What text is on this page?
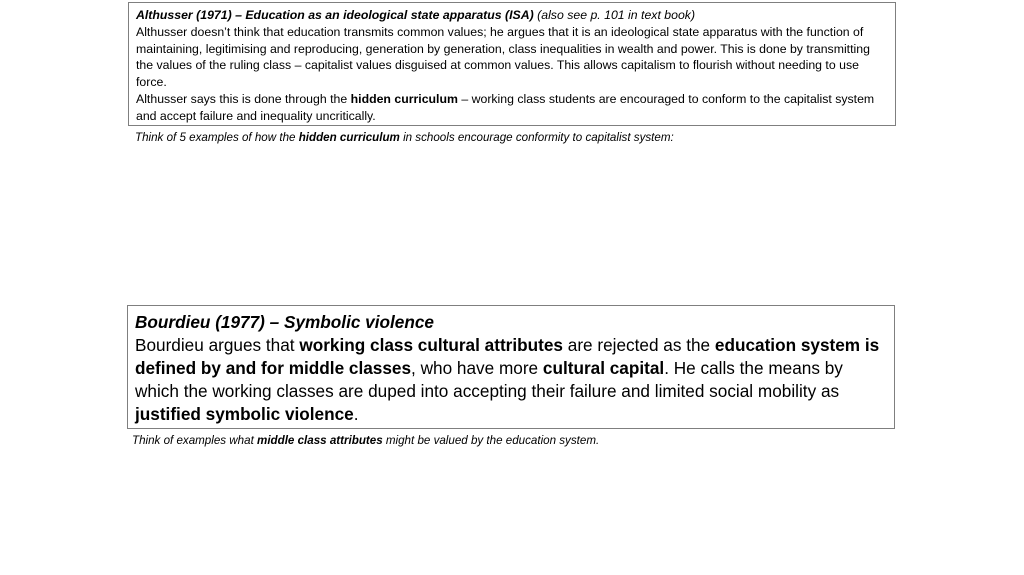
Althusser (1971) – Education as an ideological state apparatus (ISA) (also see p. 101 in text book)

Althusser doesn’t think that education transmits common values; he argues that it is an ideological state apparatus with the function of maintaining, legitimising and reproducing, generation by generation, class inequalities in wealth and power. This is done by transmitting the values of the ruling class – capitalist values disguised at common values. This allows capitalism to flourish without needing to use force.

Althusser says this is done through the hidden curriculum – working class students are encouraged to conform to the capitalist system and accept failure and inequality uncritically.

Think of 5 examples of how the hidden curriculum in schools encourage conformity to capitalist system:

Bourdieu (1977) – Symbolic violence

Bourdieu argues that working class cultural attributes are rejected as the education system is defined by and for middle classes, who have more cultural capital. He calls the means by which the working classes are duped into accepting their failure and limited social mobility as justified symbolic violence.

Think of examples what middle class attributes might be valued by the education system.
